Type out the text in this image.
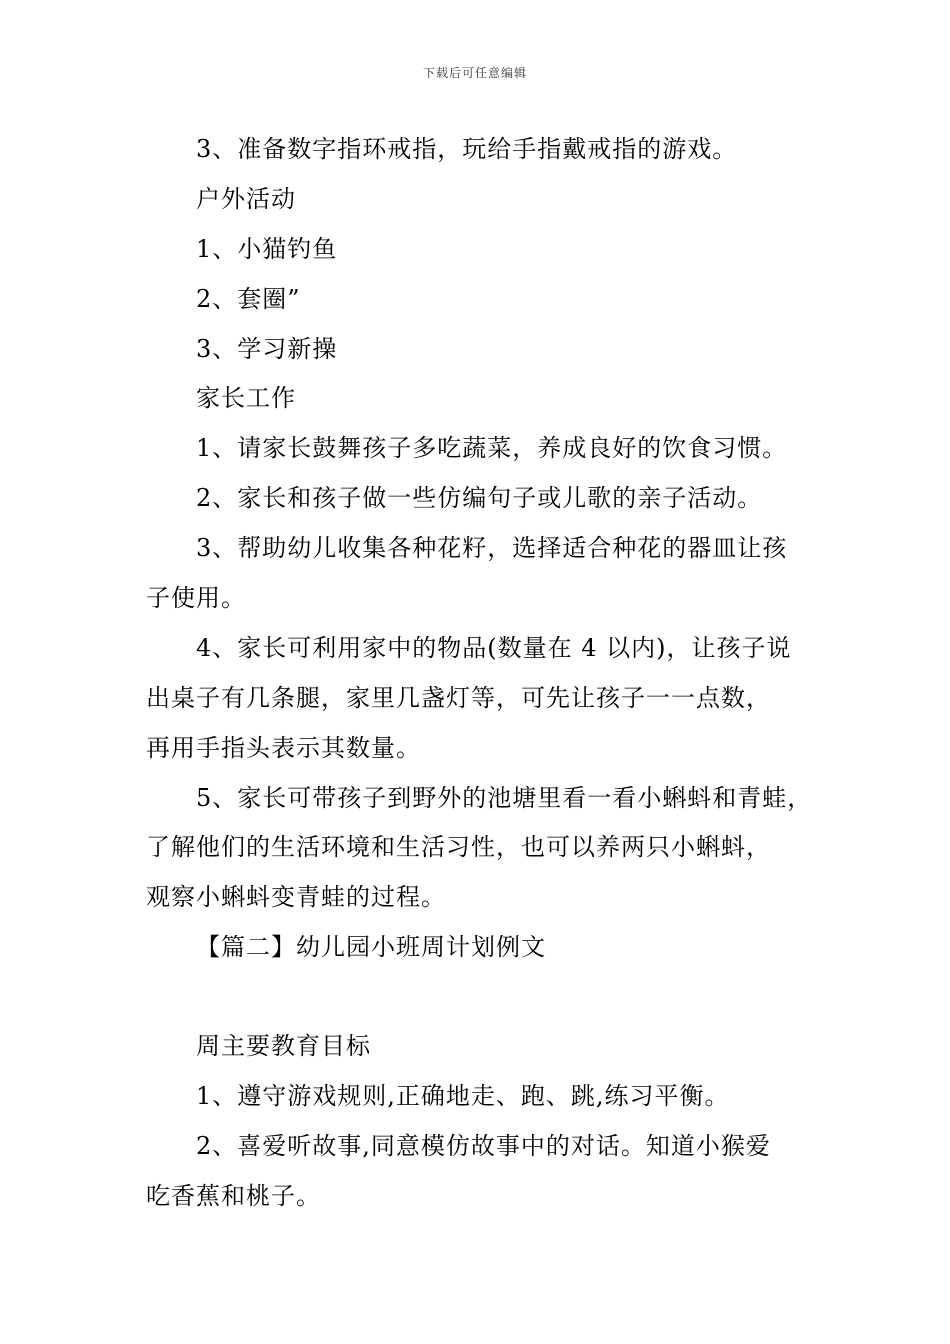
下载后可任意编辑
3、准备数字指环戒指，玩给手指戴戒指的游戏。
户外活动
1、小猫钓鱼
2、套圈”
3、学习新操
家长工作
1、请家长鼓舞孩子多吃蔬菜，养成良好的饮食习惯。
2、家长和孩子做一些仿编句子或儿歌的亲子活动。
3、帮助幼儿收集各种花籽，选择适合种花的器皿让孩
子使用。
4、家长可利用家中的物品(数量在 4 以内)，让孩子说
出桌子有几条腿，家里几盏灯等，可先让孩子一一点数，
再用手指头表示其数量。
5、家长可带孩子到野外的池塘里看一看小蝌蚪和青蛙，
了解他们的生活环境和生活习性，也可以养两只小蝌蚪，
观察小蝌蚪变青蛙的过程。
【篇二】幼儿园小班周计划例文
周主要教育目标
1、遵守游戏规则,正确地走、跑、跳,练习平衡。
2、喜爱听故事,同意模仿故事中的对话。知道小猴爱
吃香蕉和桃子。
